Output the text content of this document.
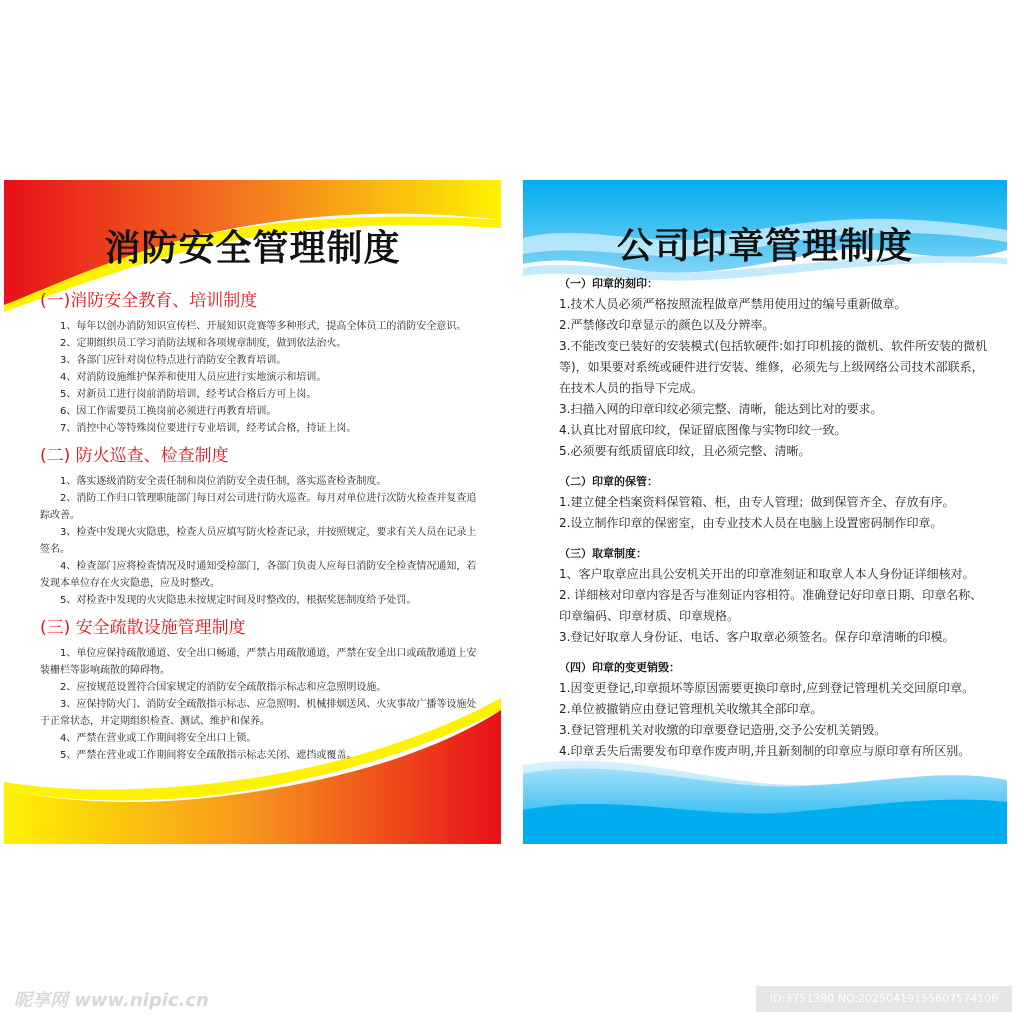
消防安全管理制度

(一)消防安全教育、培训制度

1、每年以创办消防知识宣传栏、开展知识竞赛等多种形式，提高全体员工的消防安全意识。

2、定期组织员工学习消防法规和各项规章制度，做到依法治火。

3、各部门应针对岗位特点进行消防安全教育培训。

4、对消防设施维护保养和使用人员应进行实地演示和培训。

5、对新员工进行岗前消防培训，经考试合格后方可上岗。

6、因工作需要员工换岗前必须进行再教育培训。

7、消控中心等特殊岗位要进行专业培训，经考试合格，持证上岗。

(二) 防火巡查、检查制度

1、落实逐级消防安全责任制和岗位消防安全责任制，落实巡查检查制度。

2、消防工作归口管理职能部门每日对公司进行防火巡查。每月对单位进行次防火检查并复查追踪改善。

3、检查中发现火灾隐患，检查人员应填写防火检查记录，并按照规定，要求有关人员在记录上签名。

4、检查部门应将检查情况及时通知受检部门，各部门负责人应每日消防安全检查情况通知，若发现本单位存在火灾隐患，应及时整改。

5、对检查中发现的火灾隐患未按规定时间及时整改的，根据奖惩制度给予处罚。

(三) 安全疏散设施管理制度

1、单位应保持疏散通道、安全出口畅通，严禁占用疏散通道，严禁在安全出口或疏散通道上安装栅栏等影响疏散的障碍物。

2、应按规范设置符合国家规定的消防安全疏散指示标志和应急照明设施。

3、应保持防火门、消防安全疏散指示标志、应急照明、机械排烟送风、火灾事故广播等设施处于正常状态，并定期组织检查、测试、维护和保养。

4、严禁在营业或工作期间将安全出口上锁。

5、严禁在营业或工作期间将安全疏散指示标志关闭、遮挡或覆盖。

公司印章管理制度

（一）印章的刻印：

1.技术人员必须严格按照流程做章严禁用使用过的编号重新做章。

2.严禁修改印章显示的颜色以及分辨率。

3.不能改变已装好的安装模式(包括软硬件:如打印机接的微机、软件所安装的微机等)，如果要对系统或硬件进行安装、维修，必须先与上级网络公司技术部联系，在技术人员的指导下完成。

3.扫描入网的印章印纹必须完整、清晰，能达到比对的要求。

4.认真比对留底印纹，保证留底图像与实物印纹一致。

5.必须要有纸质留底印纹，且必须完整、清晰。

（二）印章的保管：

1.建立健全档案资料保管箱、柜，由专人管理；做到保管齐全、存放有序。

2.设立制作印章的保密室，由专业技术人员在电脑上设置密码制作印章。

（三）取章制度：

1、客户取章应出具公安机关开出的印章准刻证和取章人本人身份证详细核对。

2. 详细核对印章内容是否与准刻证内容相符。准确登记好印章日期、印章名称、印章编码、印章材质、印章规格。

3.登记好取章人身份证、电话、客户取章必须签名。保存印章清晰的印模。

（四）印章的变更销毁：

1.因变更登记,印章损坏等原因需要更换印章时,应到登记管理机关交回原印章。

2.单位被撤销应由登记管理机关收缴其全部印章。

3.登记管理机关对收缴的印章要登记造册,交予公安机关销毁。

4.印章丢失后需要发布印章作废声明,并且新刻制的印章应与原印章有所区别。

昵享网 www.nipic.cn	ID:3751390 NO:20250419155607574106
